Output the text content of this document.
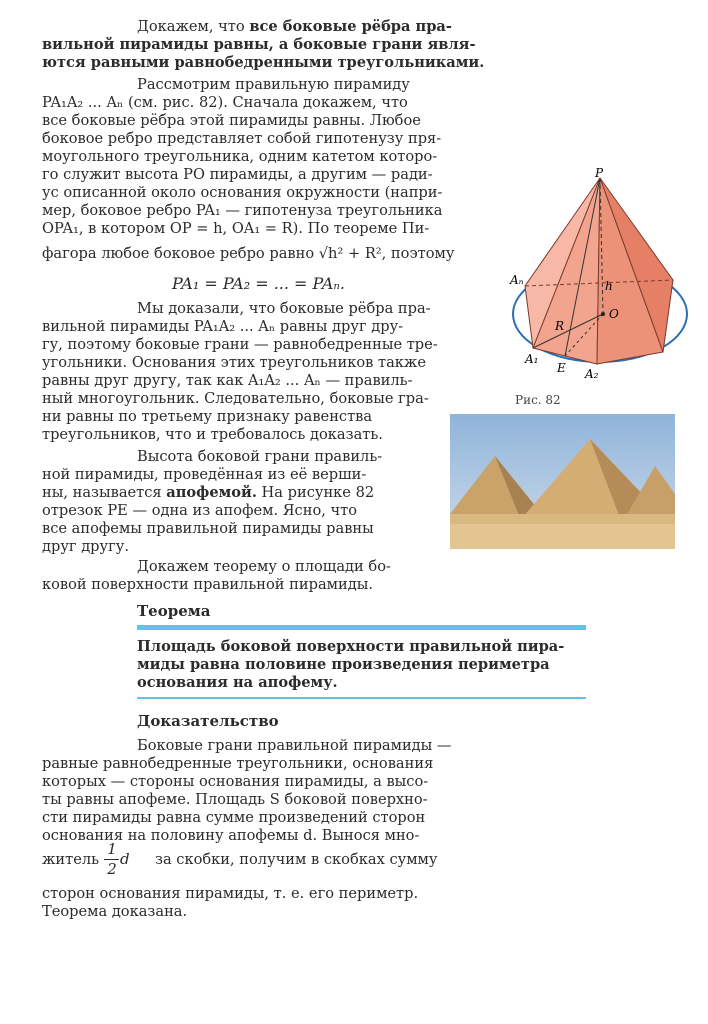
Докажем, что все боковые рёбра пра-
вильной пирамиды равны, а боковые грани явля-
ются равными равнобедренными треугольниками.
Рассмотрим правильную пирамиду
PA₁A₂ ... Aₙ (см. рис. 82). Сначала докажем, что
все боковые рёбра этой пирамиды равны. Любое
боковое ребро представляет собой гипотенузу пря-
моугольного треугольника, одним катетом которо-
го служит высота PO пирамиды, а другим — ради-
ус описанной около основания окружности (напри-
мер, боковое ребро PA₁ — гипотенуза треугольника
OPA₁, в котором OP = h, OA₁ = R). По теореме Пи-
фагора любое боковое ребро равно √h² + R², поэтому
PA₁ = PA₂ = ... = PAₙ.
Мы доказали, что боковые рёбра пра-
вильной пирамиды PA₁A₂ ... Aₙ равны друг дру-
гу, поэтому боковые грани — равнобедренные тре-
угольники. Основания этих треугольников также
равны друг другу, так как A₁A₂ ... Aₙ — правиль-
ный многоугольник. Следовательно, боковые гра-
ни равны по третьему признаку равенства
треугольников, что и требовалось доказать.
Высота боковой грани правиль-
ной пирамиды, проведённая из её верши-
ны, называется апофемой. На рисунке 82
отрезок PE — одна из апофем. Ясно, что
все апофемы правильной пирамиды равны
друг другу.
Докажем теорему о площади бо-
ковой поверхности правильной пирамиды.
Теорема
Площадь боковой поверхности правильной пира-
миды равна половине произведения периметра
основания на апофему.
Доказательство
Боковые грани правильной пирамиды —
равные равнобедренные треугольники, основания
которых — стороны основания пирамиды, а высо-
ты равны апофеме. Площадь S боковой поверхно-
сти пирамиды равна сумме произведений сторон
основания на половину апофемы d. Вынося мно-
житель
1
2
d за скобки, получим в скобках сумму
сторон основания пирамиды, т. е. его периметр.
Теорема доказана.
P
Aₙ	h
O
R
A₁
E A₂
Рис. 82
